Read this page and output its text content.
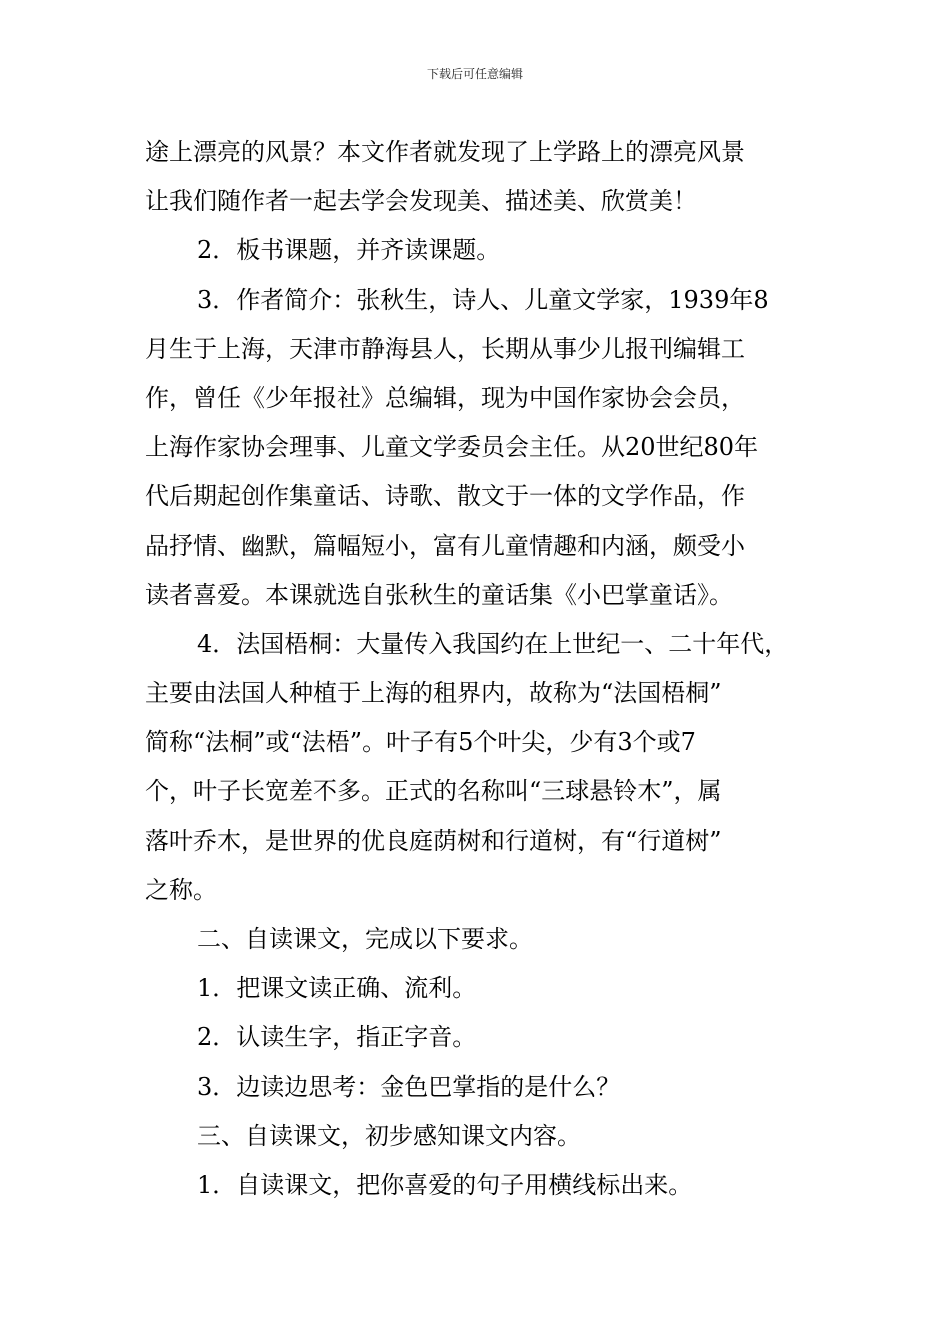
下载后可任意编辑
途上漂亮的风景？本文作者就发现了上学路上的漂亮风景
让我们随作者一起去学会发现美、描述美、欣赏美！
2．板书课题，并齐读课题。
3．作者简介：张秋生，诗人、儿童文学家，1939年8
月生于上海，天津市静海县人，长期从事少儿报刊编辑工
作，曾任《少年报社》总编辑，现为中国作家协会会员，
上海作家协会理事、儿童文学委员会主任。从20世纪80年
代后期起创作集童话、诗歌、散文于一体的文学作品，作
品抒情、幽默，篇幅短小，富有儿童情趣和内涵，颇受小
读者喜爱。本课就选自张秋生的童话集《小巴掌童话》。
4．法国梧桐：大量传入我国约在上世纪一、二十年代，
主要由法国人种植于上海的租界内，故称为“法国梧桐”
简称“法桐”或“法梧”。叶子有5个叶尖，少有3个或7
个，叶子长宽差不多。正式的名称叫“三球悬铃木”，属
落叶乔木，是世界的优良庭荫树和行道树，有“行道树”
之称。
二、自读课文，完成以下要求。
1．把课文读正确、流利。
2．认读生字，指正字音。
3．边读边思考：金色巴掌指的是什么？
三、自读课文，初步感知课文内容。
1．自读课文，把你喜爱的句子用横线标出来。
